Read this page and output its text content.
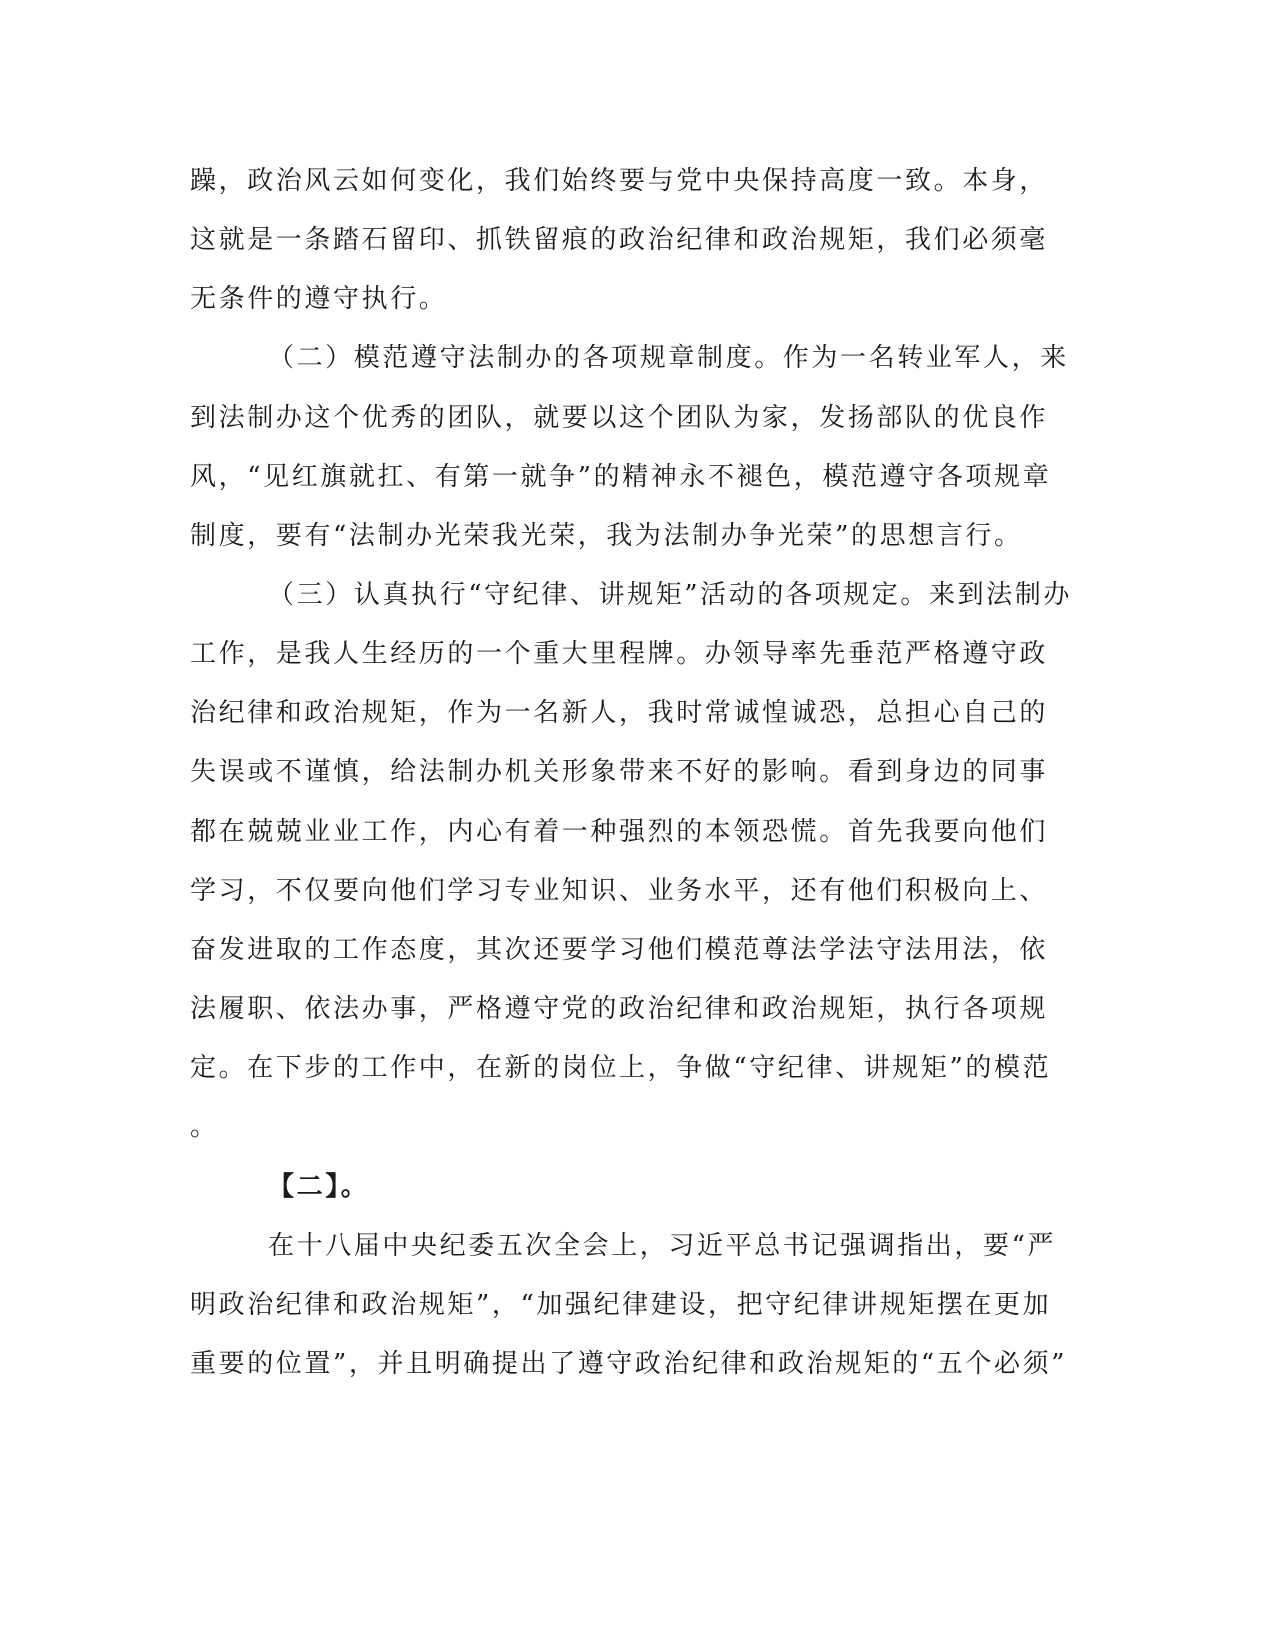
躁，政治风云如何变化，我们始终要与党中央保持高度一致。本身，
这就是一条踏石留印、抓铁留痕的政治纪律和政治规矩，我们必须毫
无条件的遵守执行。
（二）模范遵守法制办的各项规章制度。作为一名转业军人，来
到法制办这个优秀的团队，就要以这个团队为家，发扬部队的优良作
风，“见红旗就扛、有第一就争”的精神永不褪色，模范遵守各项规章
制度，要有“法制办光荣我光荣，我为法制办争光荣”的思想言行。
（三）认真执行“守纪律、讲规矩”活动的各项规定。来到法制办
工作，是我人生经历的一个重大里程牌。办领导率先垂范严格遵守政
治纪律和政治规矩，作为一名新人，我时常诚惶诚恐，总担心自己的
失误或不谨慎，给法制办机关形象带来不好的影响。看到身边的同事
都在兢兢业业工作，内心有着一种强烈的本领恐慌。首先我要向他们
学习，不仅要向他们学习专业知识、业务水平，还有他们积极向上、
奋发进取的工作态度，其次还要学习他们模范尊法学法守法用法，依
法履职、依法办事，严格遵守党的政治纪律和政治规矩，执行各项规
定。在下步的工作中，在新的岗位上，争做“守纪律、讲规矩”的模范
。
【二】。
在十八届中央纪委五次全会上，习近平总书记强调指出，要“严
明政治纪律和政治规矩”，“加强纪律建设，把守纪律讲规矩摆在更加
重要的位置”，并且明确提出了遵守政治纪律和政治规矩的“五个必须”
